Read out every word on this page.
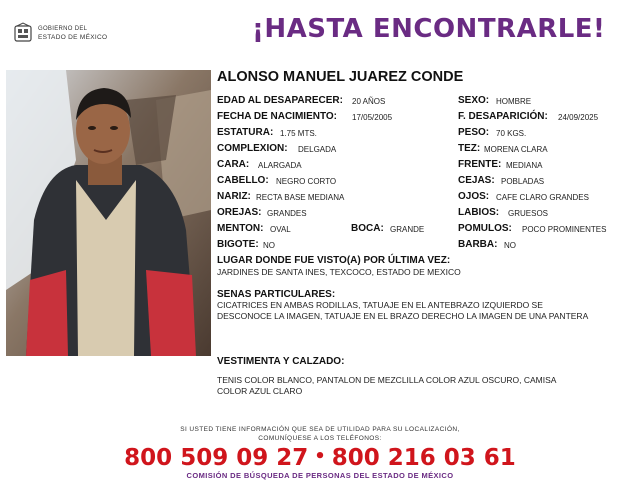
GOBIERNO DEL
ESTADO DE MÉXICO	¡HASTA ENCONTRARLE!
ALONSO MANUEL JUAREZ CONDE
EDAD AL DESAPARECER: 20 AÑOS
FECHA DE NACIMIENTO: 17/05/2005
ESTATURA: 1.75 MTS.
COMPLEXION: DELGADA
CARA: ALARGADA
CABELLO: NEGRO CORTO
NARIZ: RECTA BASE MEDIANA
OREJAS: GRANDES
MENTON: OVAL	BOCA: GRANDE
BIGOTE: NO
SEXO: HOMBRE
F. DESAPARICIÓN: 24/09/2025
PESO: 70 KGS.
TEZ: MORENA CLARA
FRENTE: MEDIANA
CEJAS: POBLADAS
OJOS: CAFE CLARO GRANDES
LABIOS: GRUESOS
POMULOS: POCO PROMINENTES
BARBA: NO
LUGAR DONDE FUE VISTO(A) POR ÚLTIMA VEZ:
JARDINES DE SANTA INES, TEXCOCO, ESTADO DE MEXICO
SENAS PARTICULARES:
CICATRICES EN AMBAS RODILLAS, TATUAJE EN EL ANTEBRAZO IZQUIERDO SE DESCONOCE LA IMAGEN, TATUAJE EN EL BRAZO DERECHO LA IMAGEN DE UNA PANTERA
VESTIMENTA Y CALZADO:
TENIS COLOR BLANCO, PANTALON DE MEZCLILLA COLOR AZUL OSCURO, CAMISA COLOR AZUL CLARO
SI USTED TIENE INFORMACIÓN QUE SEA DE UTILIDAD PARA SU LOCALIZACIÓN,
COMUNÍQUESE A LOS TELÉFONOS:
800 509 09 27 • 800 216 03 61
COMISIÓN DE BÚSQUEDA DE PERSONAS DEL ESTADO DE MÉXICO
